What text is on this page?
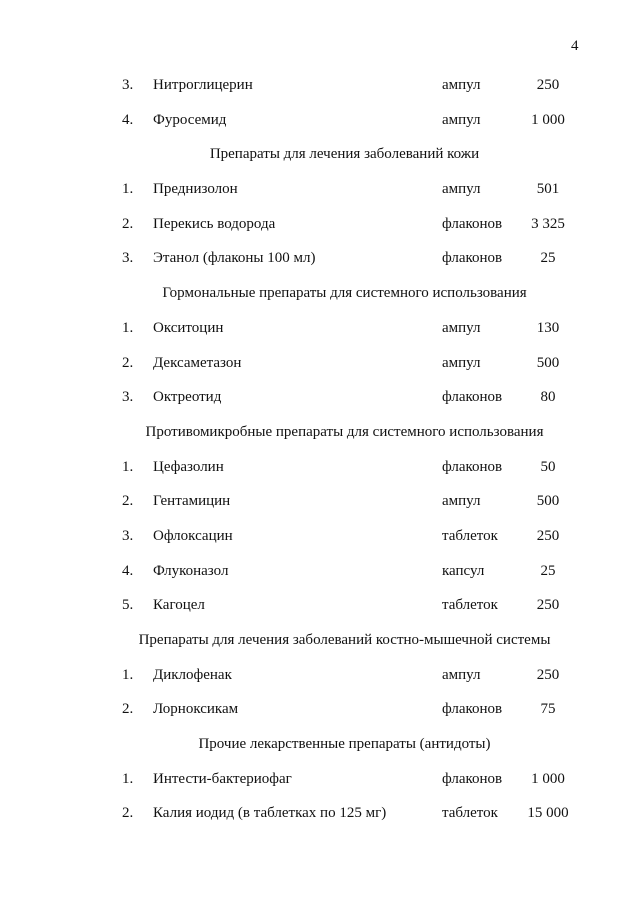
4
3. Нитроглицерин	ампул	250
4. Фуросемид	ампул	1 000
Препараты для лечения заболеваний кожи
1. Преднизолон	ампул	501
2. Перекись водорода	флаконов	3 325
3. Этанол (флаконы 100 мл)	флаконов	25
Гормональные препараты для системного использования
1. Окситоцин	ампул	130
2. Дексаметазон	ампул	500
3. Октреотид	флаконов	80
Противомикробные препараты для системного использования
1. Цефазолин	флаконов	50
2. Гентамицин	ампул	500
3. Офлоксацин	таблеток	250
4. Флуконазол	капсул	25
5. Кагоцел	таблеток	250
Препараты для лечения заболеваний костно-мышечной системы
1. Диклофенак	ампул	250
2. Лорноксикам	флаконов	75
Прочие лекарственные препараты (антидоты)
1. Интести-бактериофаг	флаконов	1 000
2. Калия иодид (в таблетках по 125 мг)	таблеток	15 000
